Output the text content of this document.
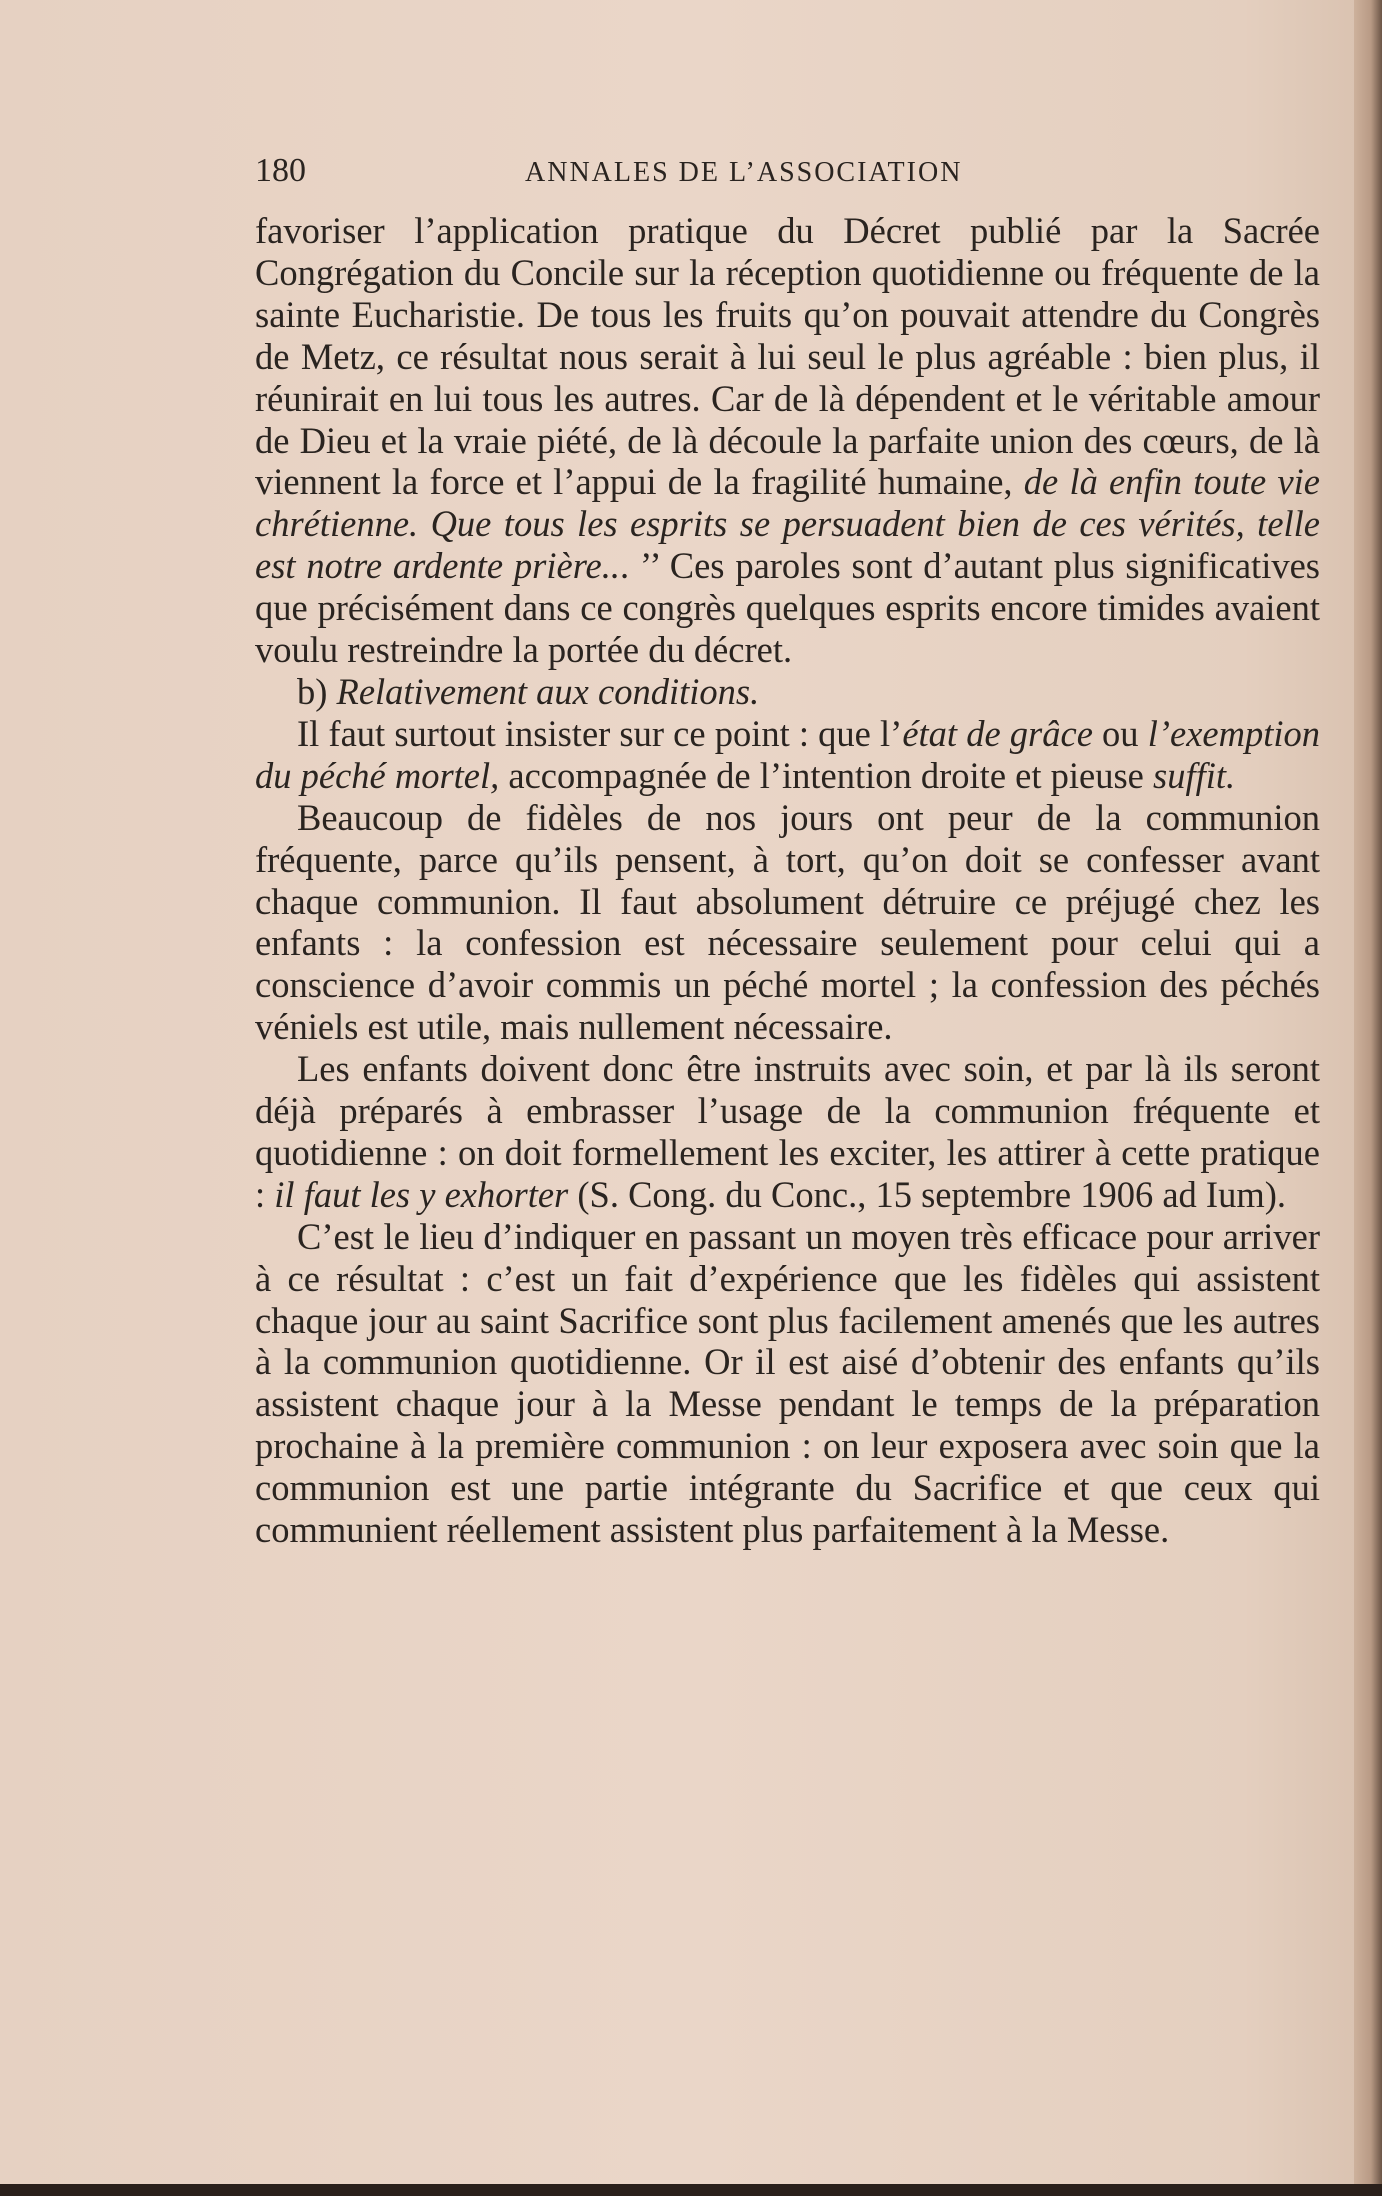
180	ANNALES DE L’ASSOCIATION

favoriser l’application pratique du Décret publié par la Sacrée Congrégation du Concile sur la réception quotidienne ou fréquente de la sainte Eucharistie. De tous les fruits qu’on pouvait attendre du Congrès de Metz, ce résultat nous serait à lui seul le plus agréable : bien plus, il réunirait en lui tous les autres. Car de là dépendent et le véritable amour de Dieu et la vraie piété, de là découle la parfaite union des cœurs, de là viennent la force et l’appui de la fragilité humaine, de là enfin toute vie chrétienne. Que tous les esprits se persuadent bien de ces vérités, telle est notre ardente prière... ’’ Ces paroles sont d’autant plus significatives que précisément dans ce congrès quelques esprits encore timides avaient voulu restreindre la portée du décret.

b) Relativement aux conditions.

Il faut surtout insister sur ce point : que l’état de grâce ou l’exemption du péché mortel, accompagnée de l’intention droite et pieuse suffit.

Beaucoup de fidèles de nos jours ont peur de la communion fréquente, parce qu’ils pensent, à tort, qu’on doit se confesser avant chaque communion. Il faut absolument détruire ce préjugé chez les enfants : la confession est nécessaire seulement pour celui qui a conscience d’avoir commis un péché mortel ; la confession des péchés véniels est utile, mais nullement nécessaire.

Les enfants doivent donc être instruits avec soin, et par là ils seront déjà préparés à embrasser l’usage de la communion fréquente et quotidienne : on doit formellement les exciter, les attirer à cette pratique : il faut les y exhorter (S. Cong. du Conc., 15 septembre 1906 ad Ium).

C’est le lieu d’indiquer en passant un moyen très efficace pour arriver à ce résultat : c’est un fait d’expérience que les fidèles qui assistent chaque jour au saint Sacrifice sont plus facilement amenés que les autres à la communion quotidienne. Or il est aisé d’obtenir des enfants qu’ils assistent chaque jour à la Messe pendant le temps de la préparation prochaine à la première communion : on leur exposera avec soin que la communion est une partie intégrante du Sacrifice et que ceux qui communient réellement assistent plus parfaitement à la Messe.
